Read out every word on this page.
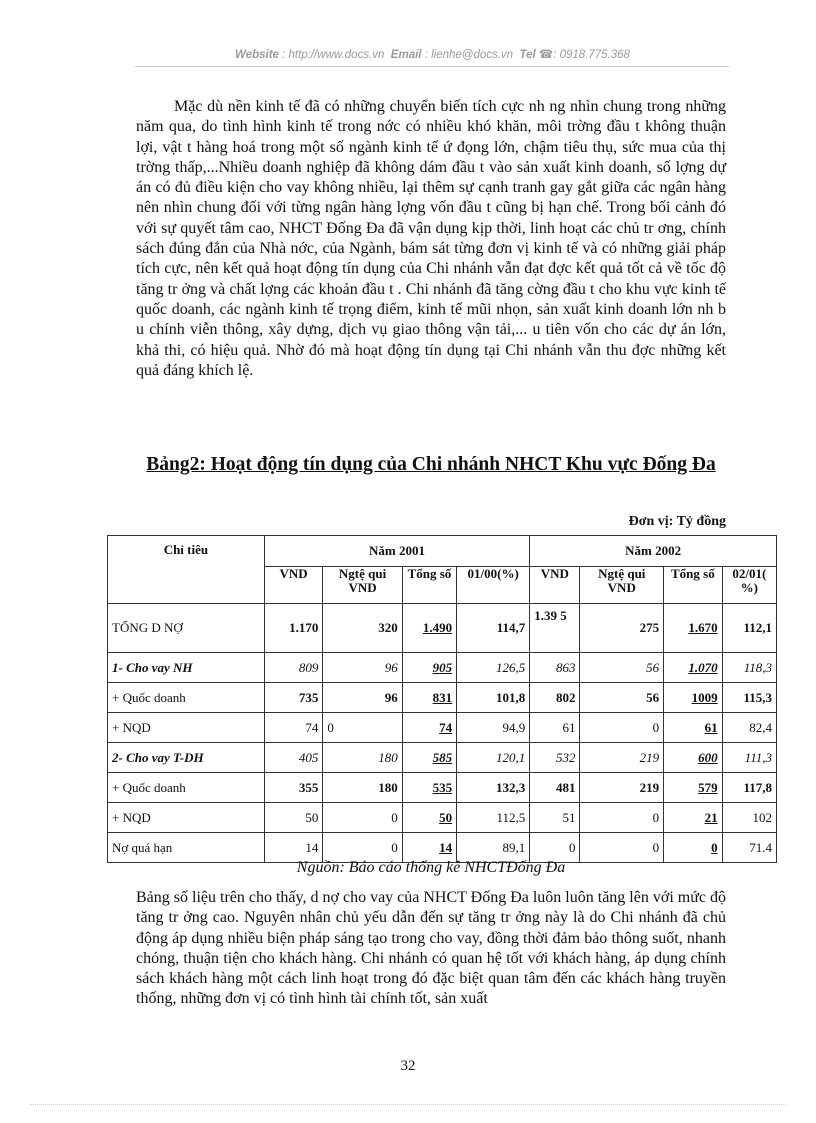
Website : http://www.docs.vn Email : lienhe@docs.vn Tel ☎: 0918.775.368

Mặc dù nền kinh tế đã có những chuyển biến tích cực nh ng nhìn chung trong những năm qua, do tình hình kinh tế trong nớc có nhiều khó khăn, môi trờng đầu t không thuận lợi, vật t hàng hoá trong một số ngành kinh tế ứ đọng lớn, chậm tiêu thụ, sức mua của thị trờng thấp,...Nhiều doanh nghiệp đã không dám đầu t vào sản xuất kinh doanh, số lợng dự án có đủ điều kiện cho vay không nhiều, lại thêm sự cạnh tranh gay gắt giữa các ngân hàng nên nhìn chung đối với từng ngân hàng lợng vốn đầu t cũng bị hạn chế. Trong bối cảnh đó với sự quyết tâm cao, NHCT Đống Đa đã vận dụng kịp thời, linh hoạt các chủ tr ơng, chính sách đúng đắn của Nhà nớc, của Ngành, bám sát từng đơn vị kinh tế và có những giải pháp tích cực, nên kết quả hoạt động tín dụng của Chi nhánh vẫn đạt đợc kết quả tốt cả về tốc độ tăng tr ởng và chất lợng các khoản đầu t . Chi nhánh đã tăng cờng đầu t cho khu vực kinh tế quốc doanh, các ngành kinh tế trọng điểm, kinh tế mũi nhọn, sản xuất kinh doanh lớn nh b u chính viễn thông, xây dựng, dịch vụ giao thông vận tải,... u tiên vốn cho các dự án lớn, khả thi, có hiệu quả. Nhờ đó mà hoạt động tín dụng tại Chi nhánh vẫn thu đợc những kết quả đáng khích lệ.

Bảng2: Hoạt động tín dụng của Chi nhánh NHCT Khu vực Đống Đa

Đơn vị: Tỷ đồng
Chỉ tiêu	Năm 2001				Năm 2002			
	VND	Ngtệ qui VND	Tổng số	01/00(%)	VND	Ngtệ qui VND	Tổng số	02/01( %)
TỔNG D NỢ	1.170	320	1.490	114,7	1.39 5	275	1.670	112,1
1- Cho vay NH	809	96	905	126,5	863	56	1.070	118,3
+ Quốc doanh	735	96	831	101,8	802	56	1009	115,3
+ NQD	74	0	74	94,9	61	0	61	82,4
2- Cho vay T-DH	405	180	585	120,1	532	219	600	111,3
+ Quốc doanh	355	180	535	132,3	481	219	579	117,8
+ NQD	50	0	50	112,5	51	0	21	102
Nợ quá hạn	14	0	14	89,1	0	0	0	71.4
Nguồn: Báo cáo thống kê NHCTĐống Đa

Bảng số liệu trên cho thấy, d nợ cho vay của NHCT Đống Đa luôn luôn tăng lên với mức độ tăng tr ởng cao. Nguyên nhân chủ yếu dẫn đến sự tăng tr ởng này là do Chi nhánh đã chủ động áp dụng nhiều biện pháp sáng tạo trong cho vay, đồng thời đảm bảo thông suốt, nhanh chóng, thuận tiện cho khách hàng. Chi nhánh có quan hệ tốt với khách hàng, áp dụng chính sách khách hàng một cách linh hoạt trong đó đặc biệt quan tâm đến các khách hàng truyền thống, những đơn vị có tình hình tài chính tốt, sản xuất

32
